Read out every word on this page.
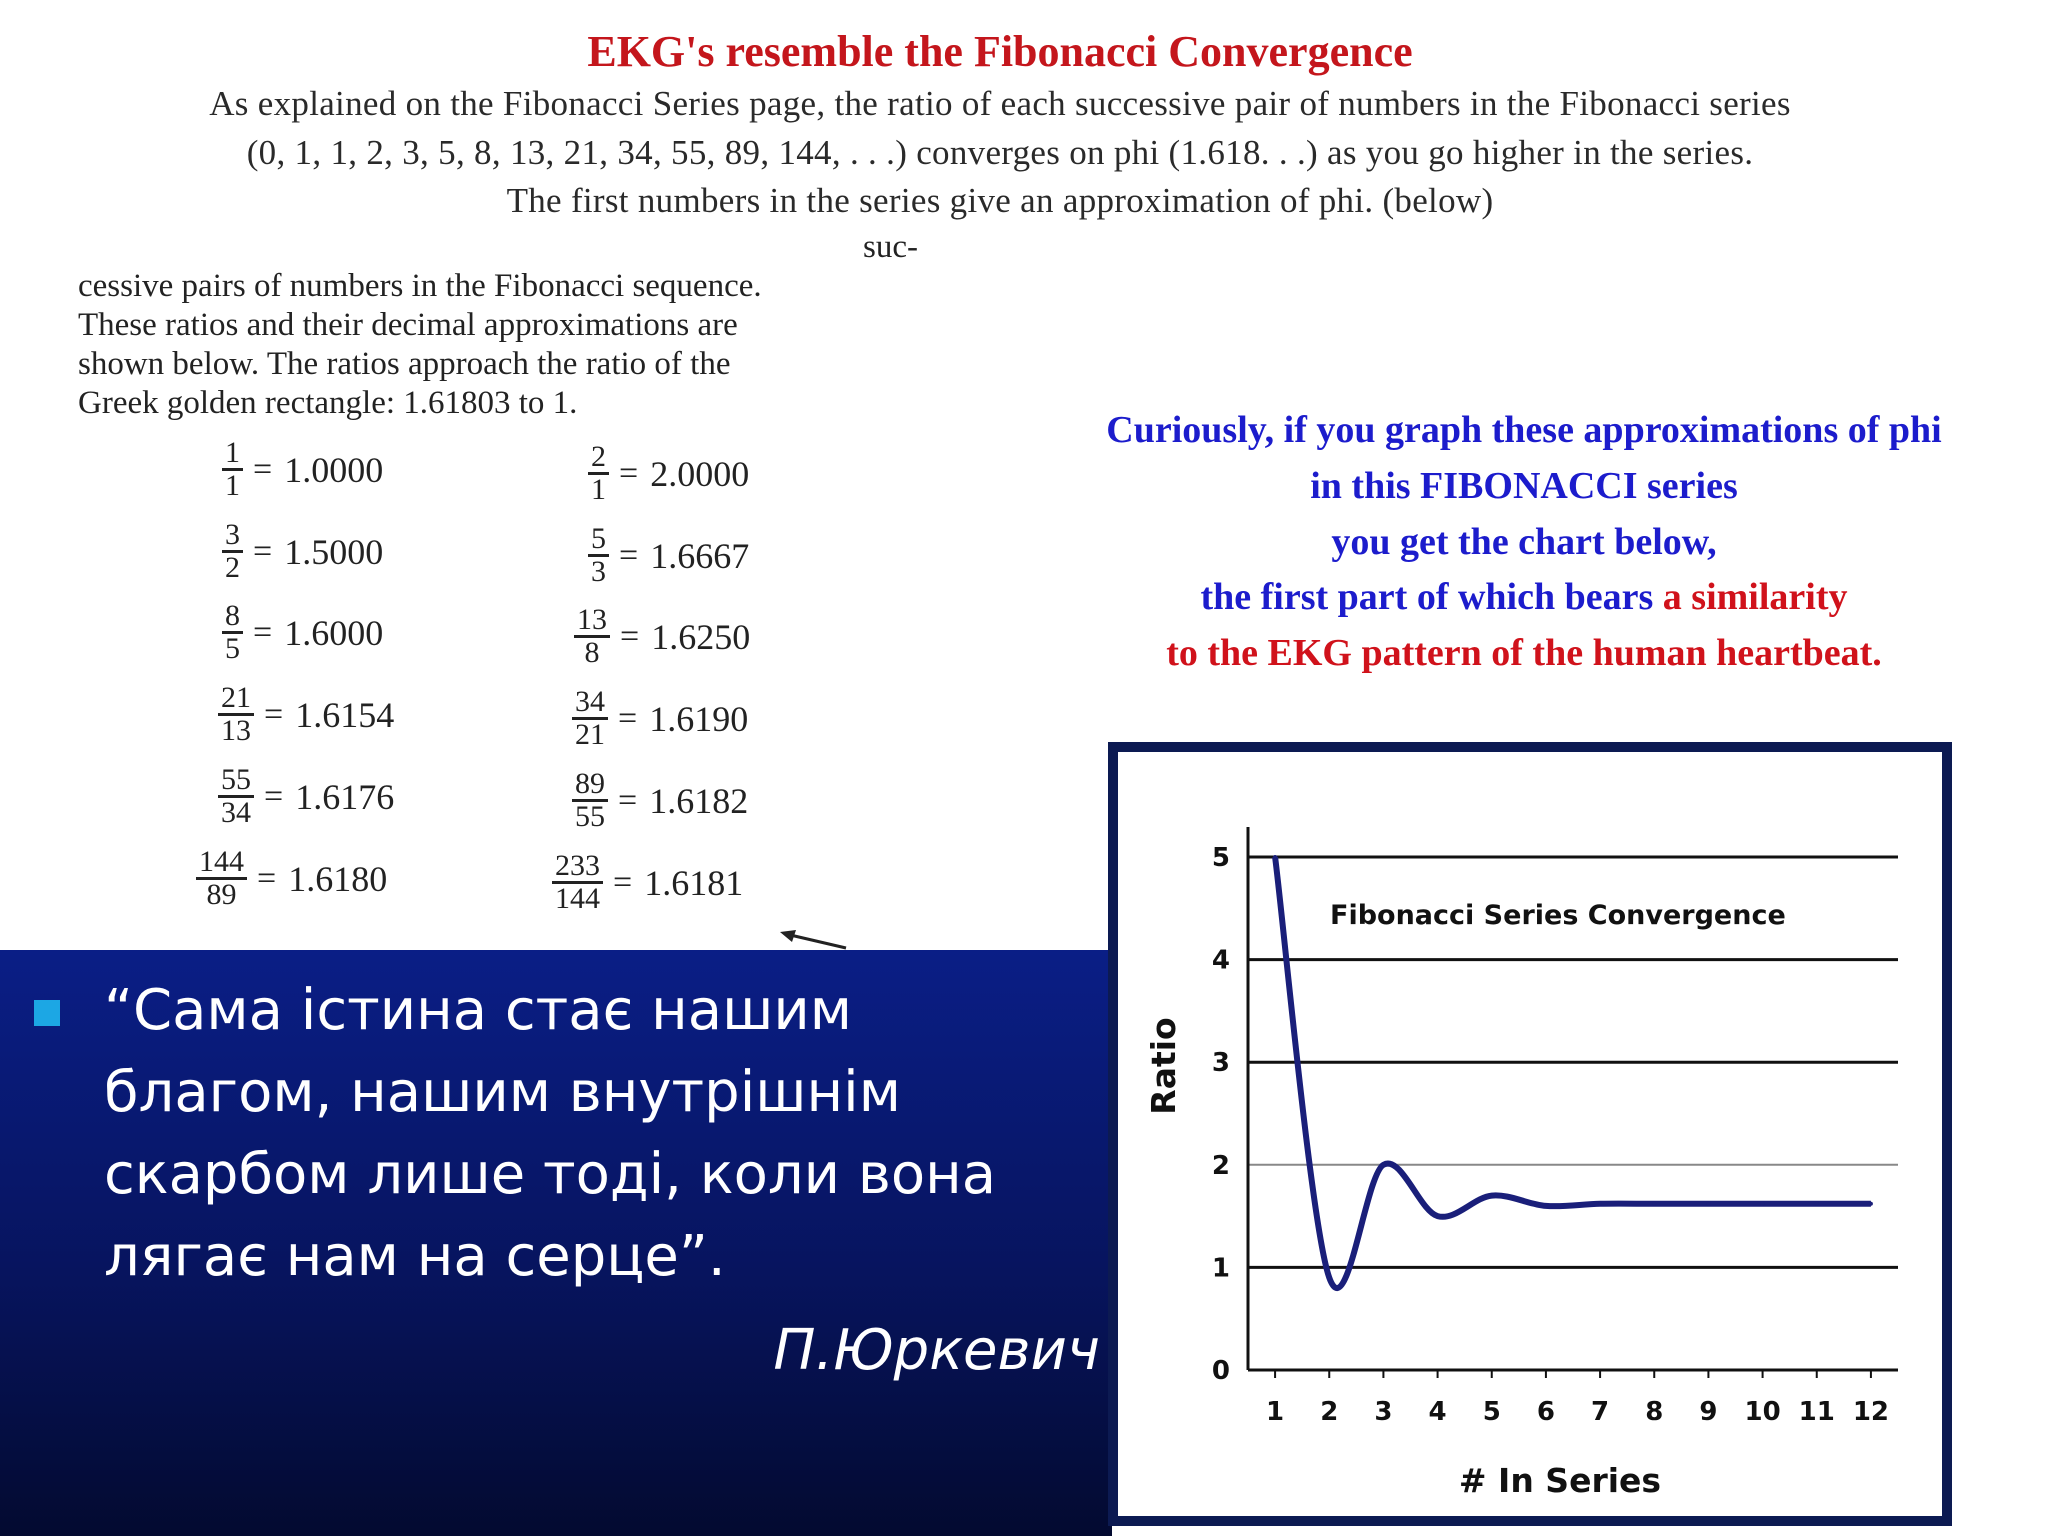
EKG's resemble the Fibonacci Convergence
As explained on the Fibonacci Series page, the ratio of each successive pair of numbers in the Fibonacci series
(0, 1, 1, 2, 3, 5, 8, 13, 21, 34, 55, 89, 144, . . .) converges on phi (1.618. . .) as you go higher in the series.
The first numbers in the series give an approximation of phi. (below)
suc-
cessive pairs of numbers in the Fibonacci sequence.
These ratios and their decimal approximations are
shown below. The ratios approach the ratio of the
Greek golden rectangle: 1.61803 to 1.
$\frac{1}{1} = 1.0000$	$\frac{2}{1} = 2.0000$
$\frac{3}{2} = 1.5000$	$\frac{5}{3} = 1.6667$
$\frac{8}{5} = 1.6000$	$\frac{13}{8} = 1.6250$
$\frac{21}{13} = 1.6154$	$\frac{34}{21} = 1.6190$
$\frac{55}{34} = 1.6176$	$\frac{89}{55} = 1.6182$
$\frac{144}{89} = 1.6180$	$\frac{233}{144} = 1.6181$
Curiously, if you graph these approximations of phi
in this FIBONACCI series
you get the chart below,
the first part of which bears a similarity
to the EKG pattern of the human heartbeat.
“Сама істина стає нашим благом, нашим внутрішнім скарбом лише тоді, коли вона лягає нам на серце”.
П.Юркевич
Fibonacci Series Convergence
Ratio
# In Series
0
1
2
3
4
5
1 2 3 4 5 6 7 8 9 10 11 12
